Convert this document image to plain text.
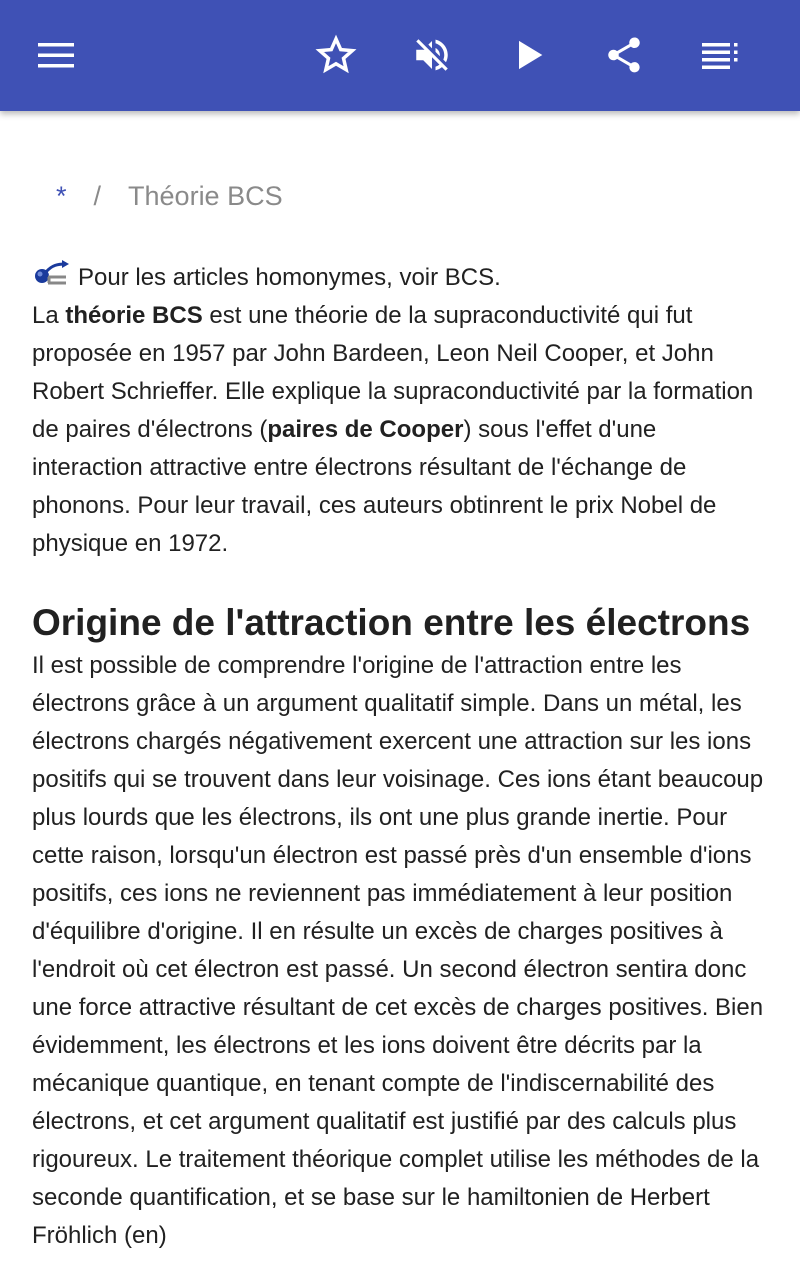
* / Théorie BCS
Pour les articles homonymes, voir BCS.

La théorie BCS est une théorie de la supraconductivité qui fut proposée en 1957 par John Bardeen, Leon Neil Cooper, et John Robert Schrieffer. Elle explique la supraconductivité par la formation de paires d'électrons (paires de Cooper) sous l'effet d'une interaction attractive entre électrons résultant de l'échange de phonons. Pour leur travail, ces auteurs obtinrent le prix Nobel de physique en 1972.

Origine de l'attraction entre les électrons

Il est possible de comprendre l'origine de l'attraction entre les électrons grâce à un argument qualitatif simple. Dans un métal, les électrons chargés négativement exercent une attraction sur les ions positifs qui se trouvent dans leur voisinage. Ces ions étant beaucoup plus lourds que les électrons, ils ont une plus grande inertie. Pour cette raison, lorsqu'un électron est passé près d'un ensemble d'ions positifs, ces ions ne reviennent pas immédiatement à leur position d'équilibre d'origine. Il en résulte un excès de charges positives à l'endroit où cet électron est passé. Un second électron sentira donc une force attractive résultant de cet excès de charges positives. Bien évidemment, les électrons et les ions doivent être décrits par la mécanique quantique, en tenant compte de l'indiscernabilité des électrons, et cet argument qualitatif est justifié par des calculs plus rigoureux. Le traitement théorique complet utilise les méthodes de la seconde quantification, et se base sur le hamiltonien de Herbert Fröhlich (en)
